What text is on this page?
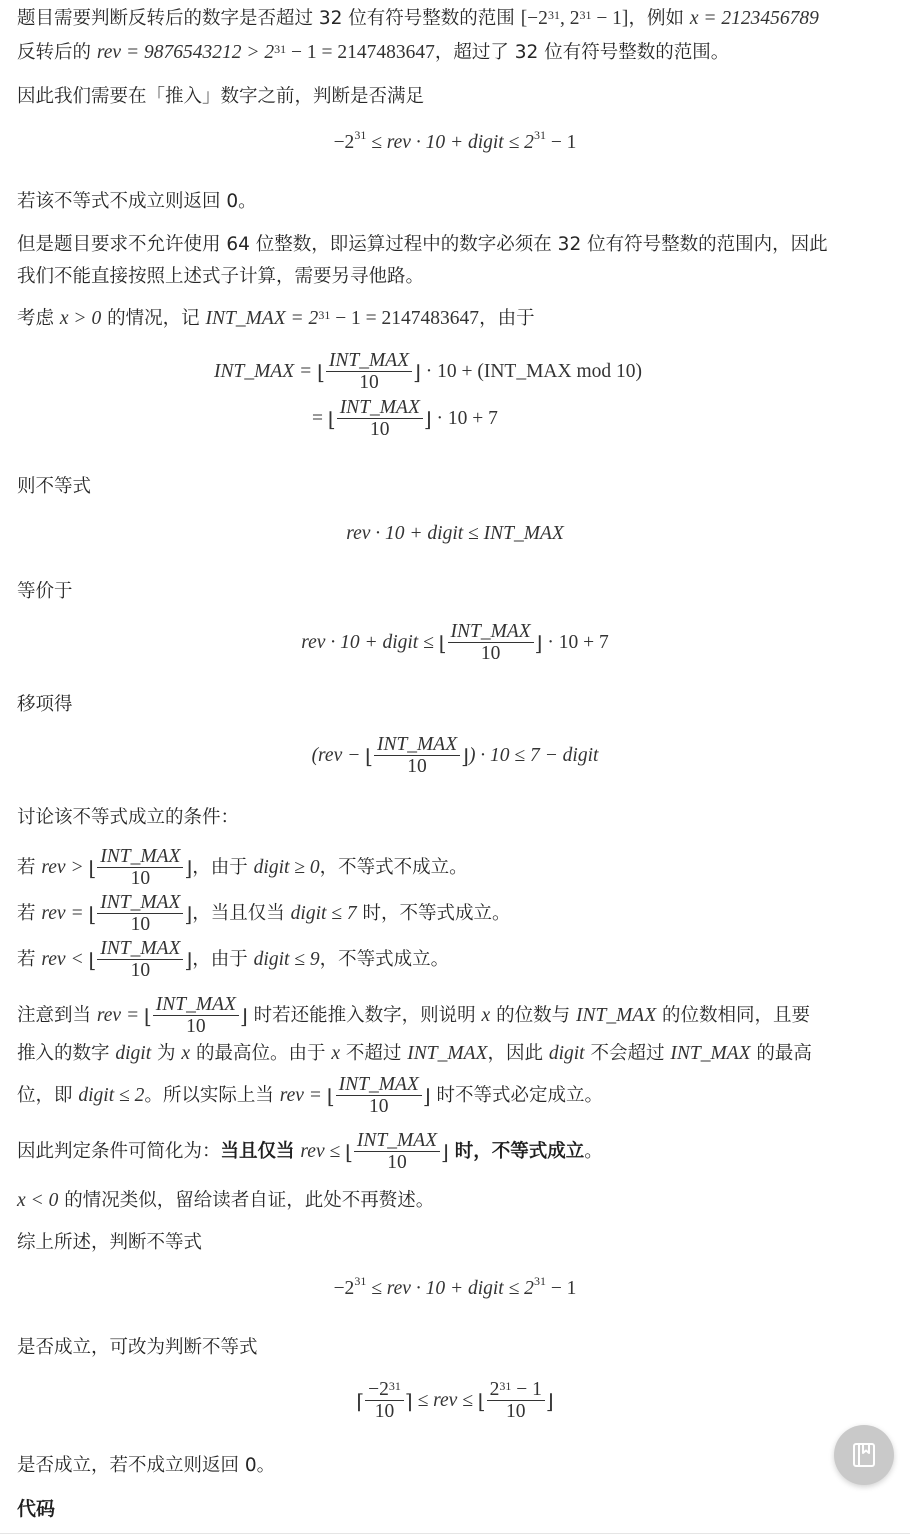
题目需要判断反转后的数字是否超过 32 位有符号整数的范围 [$-2^{31}$, $2^{31} - 1$]，例如 x = 2123456789
反转后的 rev = $9876543212 > 2^{31} - 1 = 2147483647$，超过了 32 位有符号整数的范围。
因此我们需要在「推入」数字之前，判断是否满足
$-2^{31}$ ≤ rev · 10 + digit ≤ $2^{31} - 1$
若该不等式不成立则返回 0。
但是题目要求不允许使用 64 位整数，即运算过程中的数字必须在 32 位有符号整数的范围内，因此
我们不能直接按照上述式子计算，需要另寻他路。
考虑 x > 0 的情况，记 INT_MAX = $2^{31} - 1 = 2147483647$，由于
INT_MAX = ⌊ $\frac{\text{INT\_MAX}}{10}$ ⌋ · 10 + (INT_MAX mod 10)
= ⌊ $\frac{\text{INT\_MAX}}{10}$ ⌋ · 10 + 7
则不等式
rev · 10 + digit ≤ INT_MAX
等价于
rev · 10 + digit ≤ ⌊ $\frac{\text{INT\_MAX}}{10}$ ⌋ · 10 + 7
移项得
(rev − ⌊ $\frac{\text{INT\_MAX}}{10}$ ⌋) · 10 ≤ 7 − digit
讨论该不等式成立的条件：
若 rev > ⌊ $\frac{\text{INT\_MAX}}{10}$ ⌋，由于 digit ≥ 0，不等式不成立。
若 rev = ⌊ $\frac{\text{INT\_MAX}}{10}$ ⌋，当且仅当 digit ≤ 7 时，不等式成立。
若 rev < ⌊ $\frac{\text{INT\_MAX}}{10}$ ⌋，由于 digit ≤ 9，不等式成立。
注意到当 rev = ⌊ $\frac{\text{INT\_MAX}}{10}$ ⌋ 时若还能推入数字，则说明 x 的位数与 INT_MAX 的位数相同，且要
推入的数字 digit 为 x 的最高位。由于 x 不超过 INT_MAX，因此 digit 不会超过 INT_MAX 的最高
位，即 digit ≤ 2。所以实际上当 rev = ⌊ $\frac{\text{INT\_MAX}}{10}$ ⌋ 时不等式必定成立。
因此判定条件可简化为：当且仅当 rev ≤ ⌊ $\frac{\text{INT\_MAX}}{10}$ ⌋ 时，不等式成立。
x < 0 的情况类似，留给读者自证，此处不再赘述。
综上所述，判断不等式
$-2^{31}$ ≤ rev · 10 + digit ≤ $2^{31} - 1$
是否成立，可改为判断不等式
⌈ $\frac{-2^{31}}{10}$ ⌉ ≤ rev ≤ ⌊ $\frac{2^{31} - 1}{10}$ ⌋
是否成立，若不成立则返回 0。
代码
